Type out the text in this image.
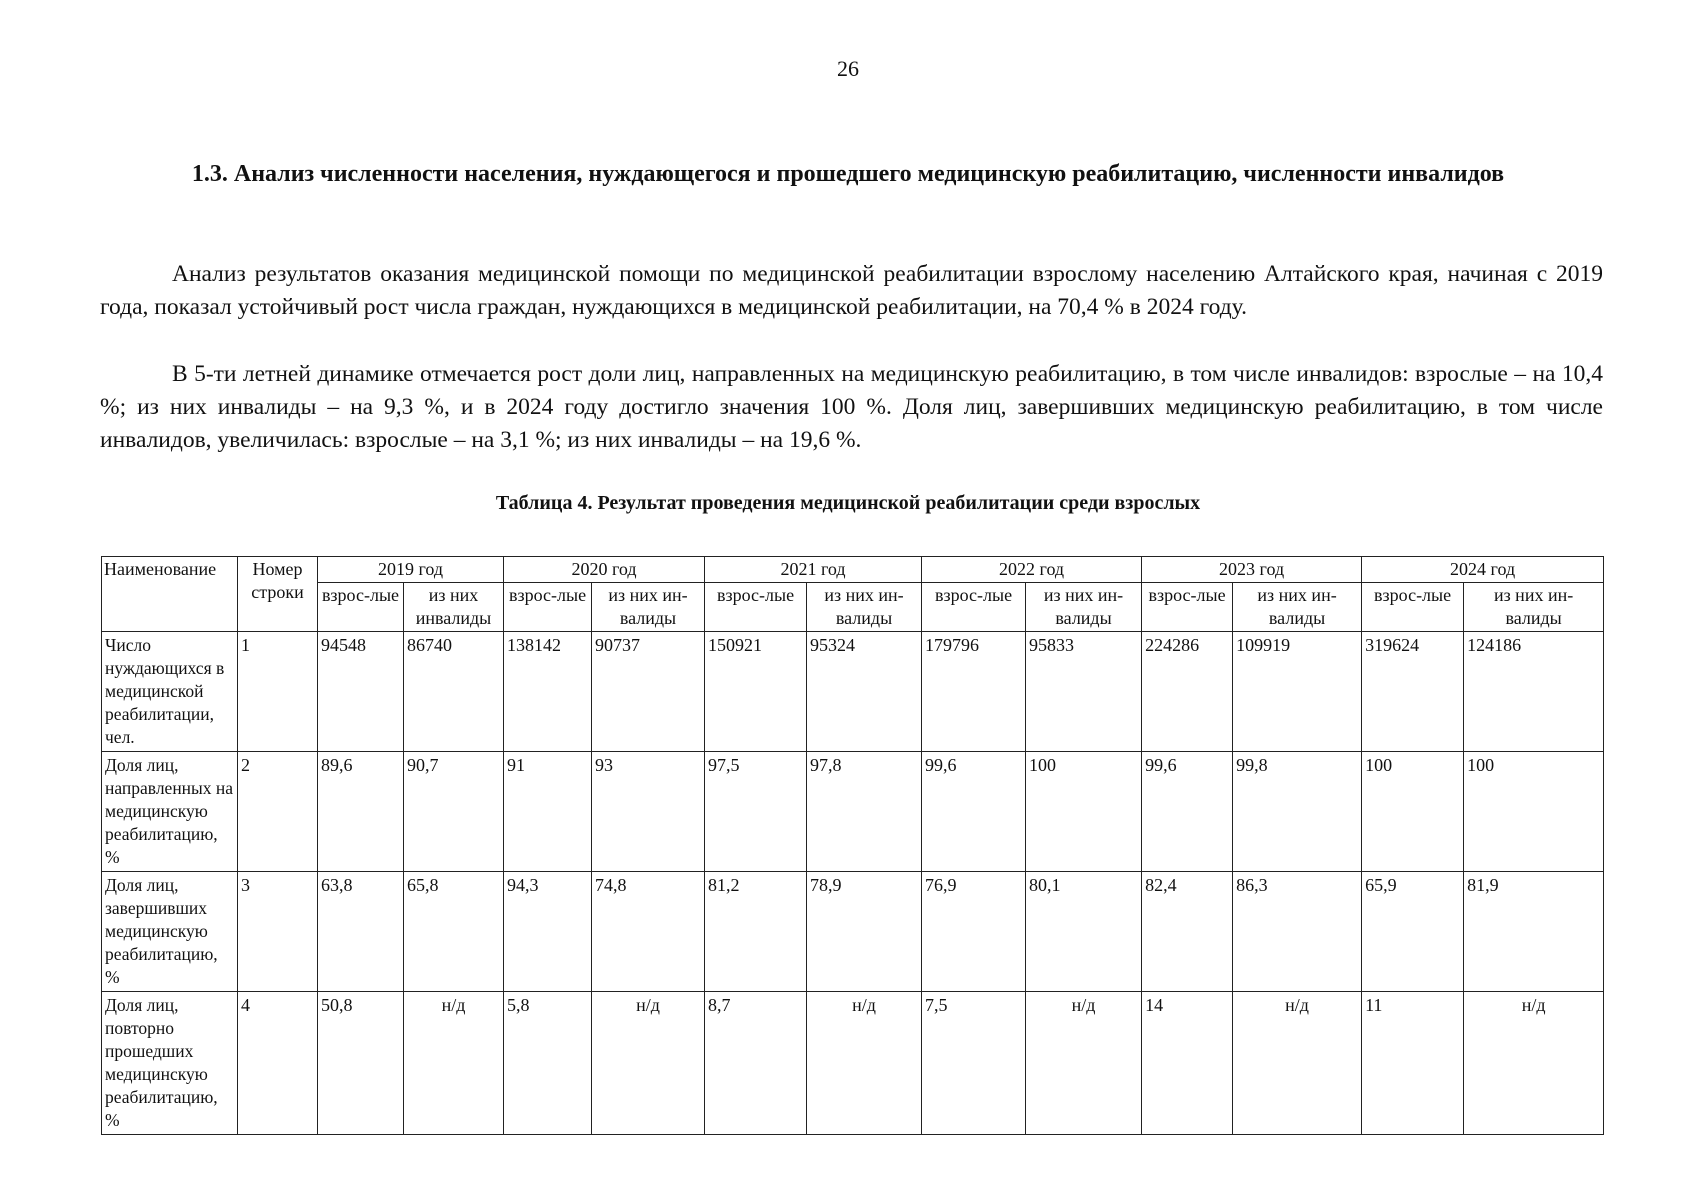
26
1.3. Анализ численности населения, нуждающегося и прошедшего медицинскую реабилитацию, численности инвалидов

Анализ результатов оказания медицинской помощи по медицинской реабилитации взрослому населению Алтайского края, начиная с 2019 года, показал устойчивый рост числа граждан, нуждающихся в медицинской реабилитации, на 70,4 % в 2024 году.

В 5-ти летней динамике отмечается рост доли лиц, направленных на медицинскую реабилитацию, в том числе инвалидов: взрослые – на 10,4 %; из них инвалиды – на 9,3 %, и в 2024 году достигло значения 100 %. Доля лиц, завершивших медицинскую реабилитацию, в том числе инвалидов, увеличилась: взрослые – на 3,1 %; из них инвалиды – на 19,6 %.

Таблица 4. Результат проведения медицинской реабилитации среди взрослых
Наименование	Номер строки	2019 год		2020 год		2021 год		2022 год		2023 год		2024 год	
		взрос-лые	из них инвалиды	взрос-лые	из них ин-валиды	взрос-лые	из них ин-валиды	взрос-лые	из них ин-валиды	взрос-лые	из них ин-валиды	взрос-лые	из них ин-валиды
Число нуждающихся в медицинской реабилитации, чел.	1	94548	86740	138142	90737	150921	95324	179796	95833	224286	109919	319624	124186
Доля лиц, направленных на медицинскую реабилитацию, %	2	89,6	90,7	91	93	97,5	97,8	99,6	100	99,6	99,8	100	100
Доля лиц, завершивших медицинскую реабилитацию, %	3	63,8	65,8	94,3	74,8	81,2	78,9	76,9	80,1	82,4	86,3	65,9	81,9
Доля лиц, повторно прошедших медицинскую реабилитацию, %	4	50,8	н/д	5,8	н/д	8,7	н/д	7,5	н/д	14	н/д	11	н/д
